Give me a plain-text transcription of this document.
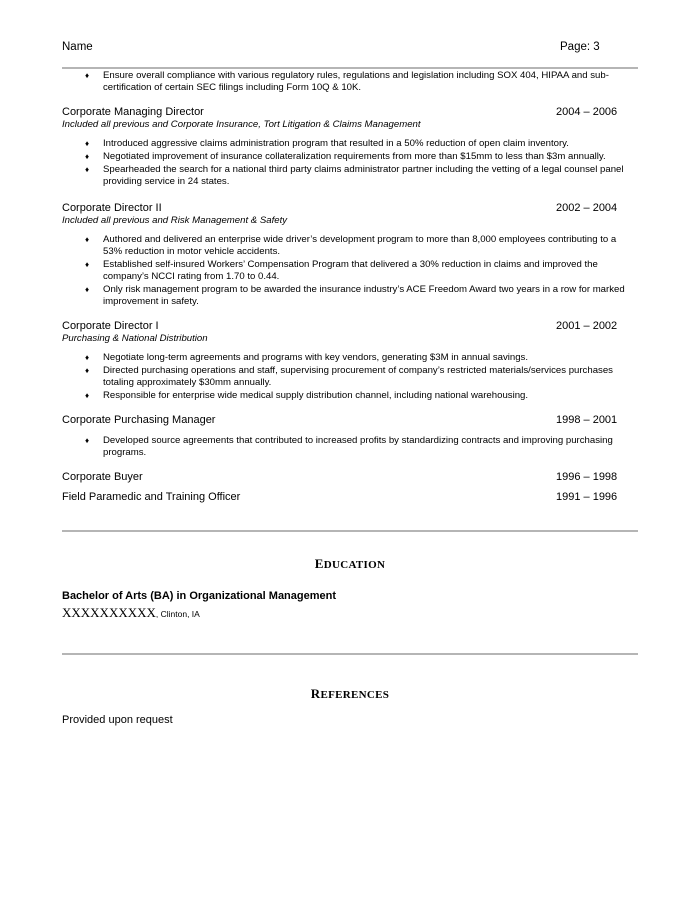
Name	Page: 3
♦ Ensure overall compliance with various regulatory rules, regulations and legislation including SOX 404, HIPAA and sub-certification of certain SEC filings including Form 10Q & 10K.
Corporate Managing Director	2004 – 2006
Included all previous and Corporate Insurance, Tort Litigation & Claims Management
♦ Introduced aggressive claims administration program that resulted in a 50% reduction of open claim inventory.
♦ Negotiated improvement of insurance collateralization requirements from more than $15mm to less than $3m annually.
♦ Spearheaded the search for a national third party claims administrator partner including the vetting of a legal counsel panel providing service in 24 states.
Corporate Director II	2002 – 2004
Included all previous and Risk Management & Safety
♦ Authored and delivered an enterprise wide driver’s development program to more than 8,000 employees contributing to a 53% reduction in motor vehicle accidents.
♦ Established self-insured Workers’ Compensation Program that delivered a 30% reduction in claims and improved the company’s NCCI rating from 1.70 to 0.44.
♦ Only risk management program to be awarded the insurance industry’s ACE Freedom Award two years in a row for marked improvement in safety.
Corporate Director I	2001 – 2002
Purchasing & National Distribution
♦ Negotiate long-term agreements and programs with key vendors, generating $3M in annual savings.
♦ Directed purchasing operations and staff, supervising procurement of company’s restricted materials/services purchases totaling approximately $30mm annually.
♦ Responsible for enterprise wide medical supply distribution channel, including national warehousing.
Corporate Purchasing Manager	1998 – 2001
♦ Developed source agreements that contributed to increased profits by standardizing contracts and improving purchasing programs.
Corporate Buyer	1996 – 1998
Field Paramedic and Training Officer	1991 – 1996
EDUCATION
Bachelor of Arts (BA) in Organizational Management
XXXXXXXXXX, Clinton, IA
REFERENCES
Provided upon request
